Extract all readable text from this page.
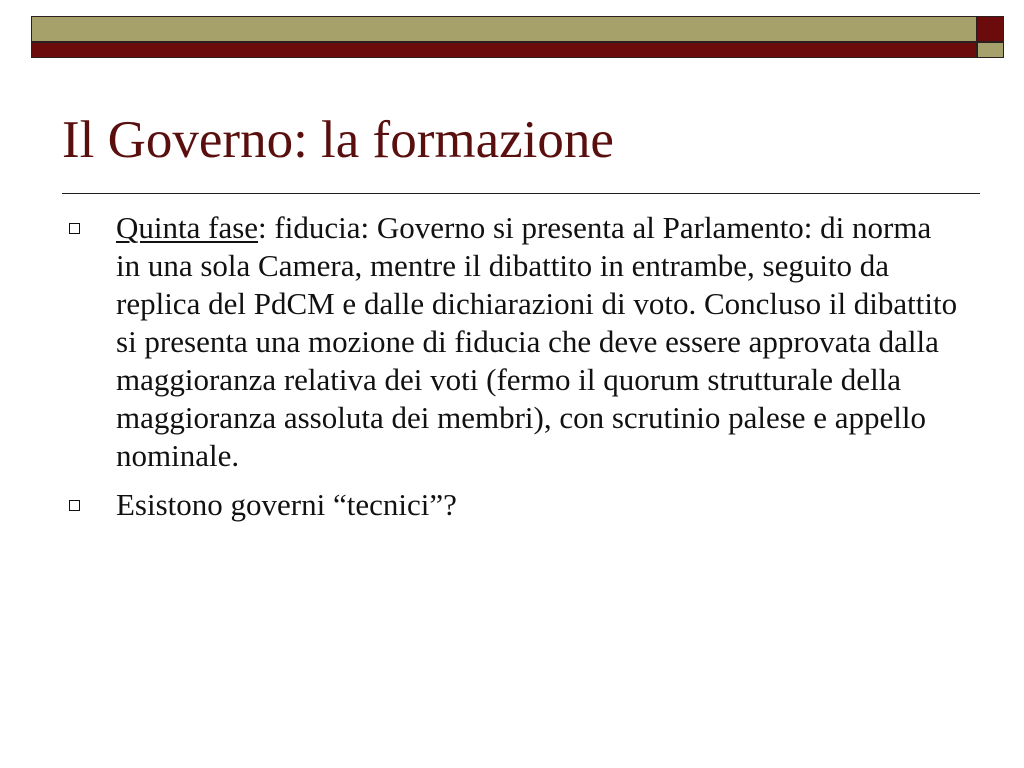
Il Governo: la formazione
Quinta fase: fiducia: Governo si presenta al Parlamento: di norma in una sola Camera, mentre il dibattito in entrambe, seguito da replica del PdCM e dalle dichiarazioni di voto. Concluso il dibattito si presenta una mozione di fiducia che deve essere approvata dalla maggioranza relativa dei voti (fermo il quorum strutturale della maggioranza assoluta dei membri), con scrutinio palese e appello nominale.
Esistono governi “tecnici”?
